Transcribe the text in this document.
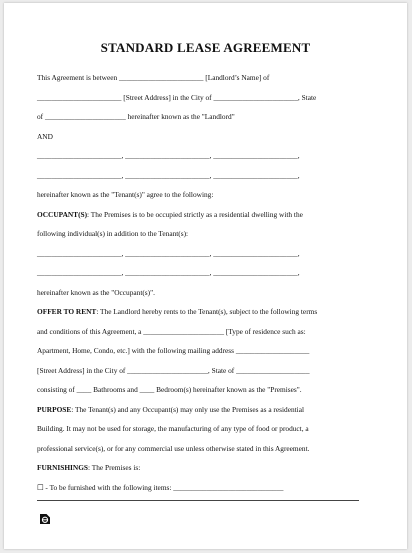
STANDARD LEASE AGREEMENT
This Agreement is between _______________________ [Landlord’s Name] of
_______________________ [Street Address] in the City of _______________________, State
of ______________________ hereinafter known as the "Landlord"
AND
_______________________, _______________________, _______________________,
_______________________, _______________________, _______________________,
hereinafter known as the "Tenant(s)" agree to the following:
OCCUPANT(S): The Premises is to be occupied strictly as a residential dwelling with the
following individual(s) in addition to the Tenant(s):
_______________________, _______________________, _______________________,
_______________________, _______________________, _______________________,
hereinafter known as the "Occupant(s)".
OFFER TO RENT: The Landlord hereby rents to the Tenant(s), subject to the following terms
and conditions of this Agreement, a ______________________ [Type of residence such as:
Apartment, Home, Condo, etc.] with the following mailing address ____________________
[Street Address] in the City of ______________________, State of ____________________
consisting of ____ Bathrooms and ____ Bedroom(s) hereinafter known as the "Premises".
PURPOSE: The Tenant(s) and any Occupant(s) may only use the Premises as a residential
Building. It may not be used for storage, the manufacturing of any type of food or product, a
professional service(s), or for any commercial use unless otherwise stated in this Agreement.
FURNISHINGS: The Premises is:
☐ - To be furnished with the following items: ______________________________
